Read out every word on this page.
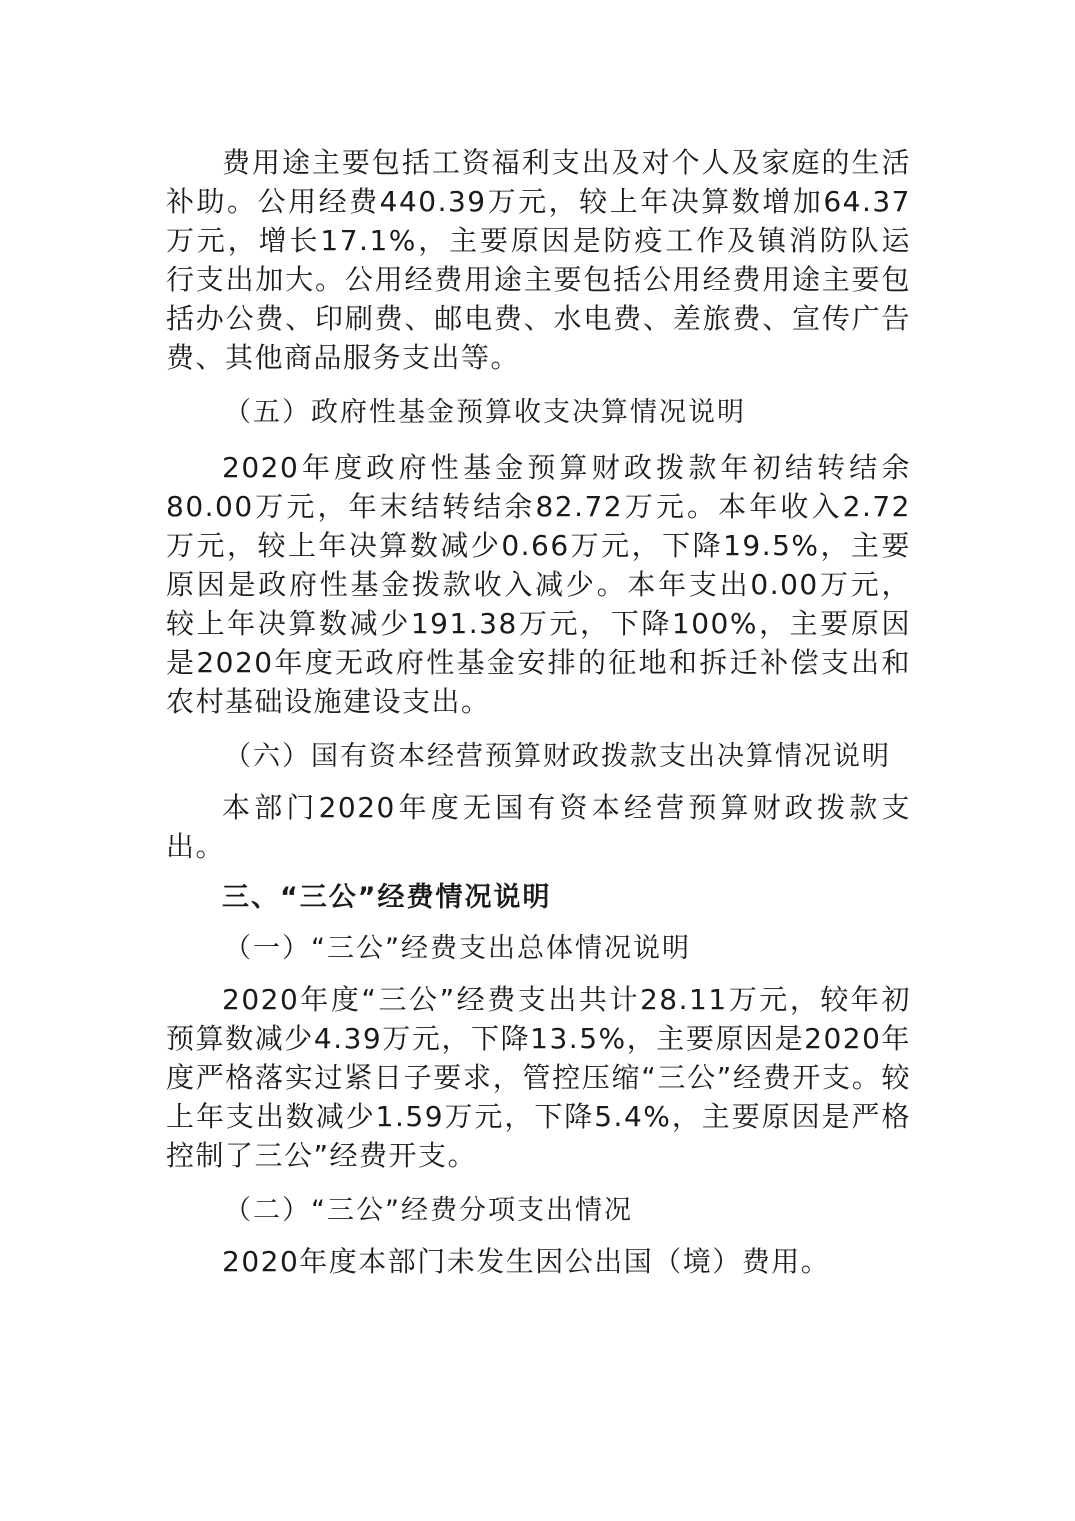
费用途主要包括工资福利支出及对个人及家庭的生活补助。公用经费440.39万元，较上年决算数增加64.37万元，增长17.1%，主要原因是防疫工作及镇消防队运行支出加大。公用经费用途主要包括公用经费用途主要包括办公费、印刷费、邮电费、水电费、差旅费、宣传广告费、其他商品服务支出等。

（五）政府性基金预算收支决算情况说明

2020年度政府性基金预算财政拨款年初结转结余80.00万元，年末结转结余82.72万元。本年收入2.72万元，较上年决算数减少0.66万元，下降19.5%，主要原因是政府性基金拨款收入减少。本年支出0.00万元，较上年决算数减少191.38万元，下降100%，主要原因是2020年度无政府性基金安排的征地和拆迁补偿支出和农村基础设施建设支出。

（六）国有资本经营预算财政拨款支出决算情况说明

本部门2020年度无国有资本经营预算财政拨款支出。

三、“三公”经费情况说明

（一）“三公”经费支出总体情况说明

2020年度“三公”经费支出共计28.11万元，较年初预算数减少4.39万元，下降13.5%，主要原因是2020年度严格落实过紧日子要求，管控压缩“三公”经费开支。较上年支出数减少1.59万元，下降5.4%，主要原因是严格控制了三公”经费开支。

（二）“三公”经费分项支出情况

2020年度本部门未发生因公出国（境）费用。
